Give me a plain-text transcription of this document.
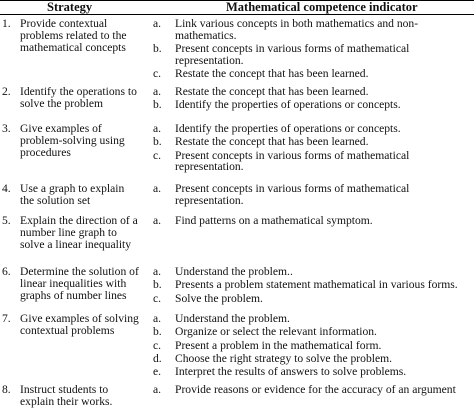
Strategy	Mathematical competence indicator
1. Provide contextual
problems related to the
mathematical concepts
a. Link various concepts in both mathematics and non-
mathematics.
b. Present concepts in various forms of mathematical
representation.
c. Restate the concept that has been learned.
2. Identify the operations to
solve the problem
a. Restate the concept that has been learned.
b. Identify the properties of operations or concepts.
3. Give examples of
problem-solving using
procedures
a. Identify the properties of operations or concepts.
b. Restate the concept that has been learned.
c. Present concepts in various forms of mathematical
representation.
4. Use a graph to explain
the solution set
a. Present concepts in various forms of mathematical
representation.
5. Explain the direction of a
number line graph to
solve a linear inequality
a. Find patterns on a mathematical symptom.
6. Determine the solution of
linear inequalities with
graphs of number lines
a. Understand the problem..
b. Presents a problem statement mathematical in various forms.
c. Solve the problem.
7. Give examples of solving
contextual problems
a. Understand the problem.
b. Organize or select the relevant information.
c. Present a problem in the mathematical form.
d. Choose the right strategy to solve the problem.
e. Interpret the results of answers to solve problems.
8. Instruct students to
explain their works.
a. Provide reasons or evidence for the accuracy of an argument
